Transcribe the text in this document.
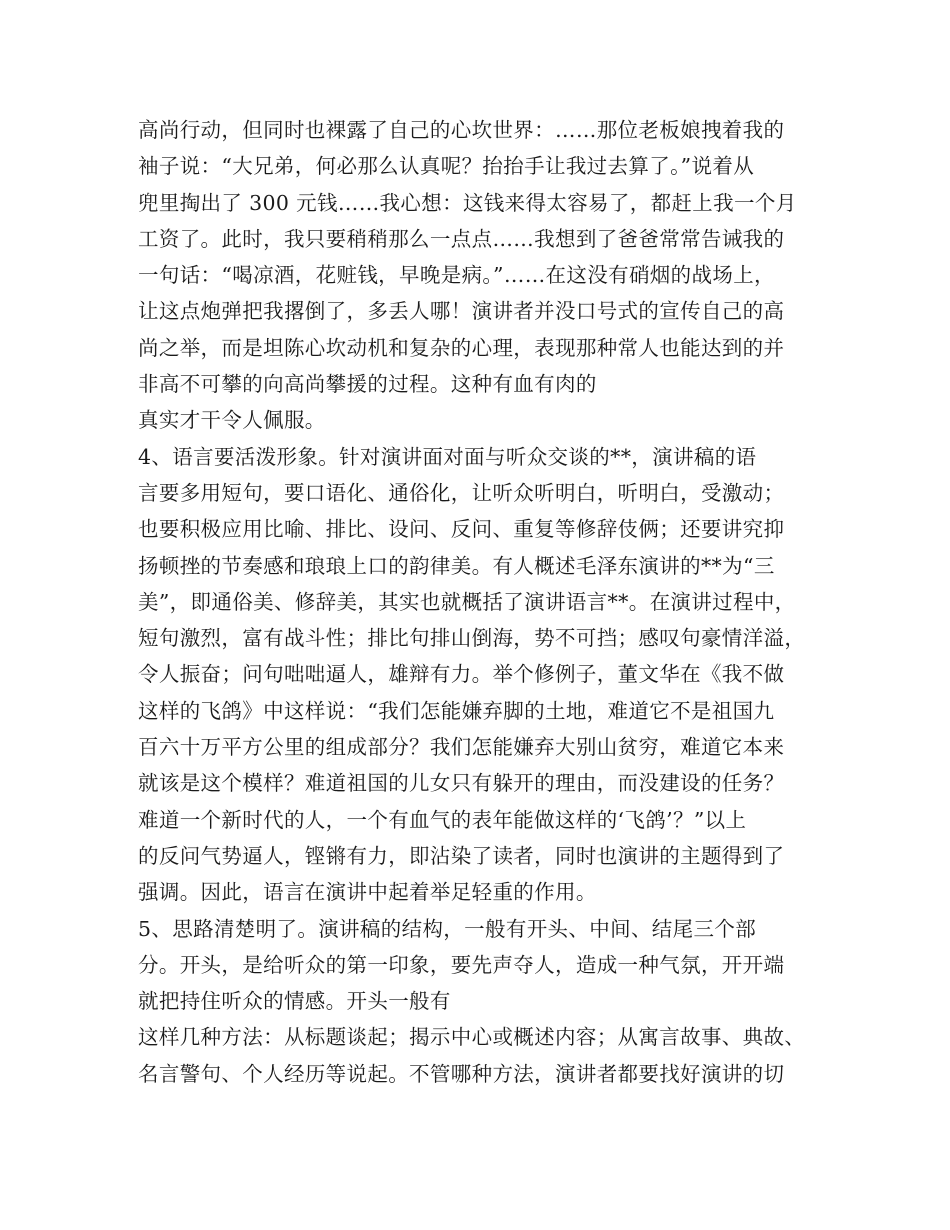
高尚行动，但同时也裸露了自己的心坎世界：……那位老板娘拽着我的
袖子说：“大兄弟，何必那么认真呢？抬抬手让我过去算了。”说着从
兜里掏出了 300 元钱……我心想：这钱来得太容易了，都赶上我一个月
工资了。此时，我只要稍稍那么一点点……我想到了爸爸常常告诫我的
一句话：“喝凉酒，花赃钱，早晚是病。”……在这没有硝烟的战场上，
让这点炮弹把我撂倒了，多丢人哪！演讲者并没口号式的宣传自己的高
尚之举，而是坦陈心坎动机和复杂的心理，表现那种常人也能达到的并
非高不可攀的向高尚攀援的过程。这种有血有肉的
真实才干令人佩服。
4、语言要活泼形象。针对演讲面对面与听众交谈的**，演讲稿的语
言要多用短句，要口语化、通俗化，让听众听明白，听明白，受激动；
也要积极应用比喻、排比、设问、反问、重复等修辞伎俩；还要讲究抑
扬顿挫的节奏感和琅琅上口的韵律美。有人概述毛泽东演讲的**为“三
美”，即通俗美、修辞美，其实也就概括了演讲语言**。在演讲过程中，
短句激烈，富有战斗性；排比句排山倒海，势不可挡；感叹句豪情洋溢，
令人振奋；问句咄咄逼人，雄辩有力。举个修例子，董文华在《我不做
这样的飞鸽》中这样说：“我们怎能嫌弃脚的土地，难道它不是祖国九
百六十万平方公里的组成部分？我们怎能嫌弃大别山贫穷，难道它本来
就该是这个模样？难道祖国的儿女只有躲开的理由，而没建设的任务？
难道一个新时代的人，一个有血气的表年能做这样的‘飞鸽’？”以上
的反问气势逼人，铿锵有力，即沾染了读者，同时也演讲的主题得到了
强调。因此，语言在演讲中起着举足轻重的作用。
5、思路清楚明了。演讲稿的结构，一般有开头、中间、结尾三个部
分。开头，是给听众的第一印象，要先声夺人，造成一种气氛，开开端
就把持住听众的情感。开头一般有
这样几种方法：从标题谈起；揭示中心或概述内容；从寓言故事、典故、
名言警句、个人经历等说起。不管哪种方法，演讲者都要找好演讲的切
